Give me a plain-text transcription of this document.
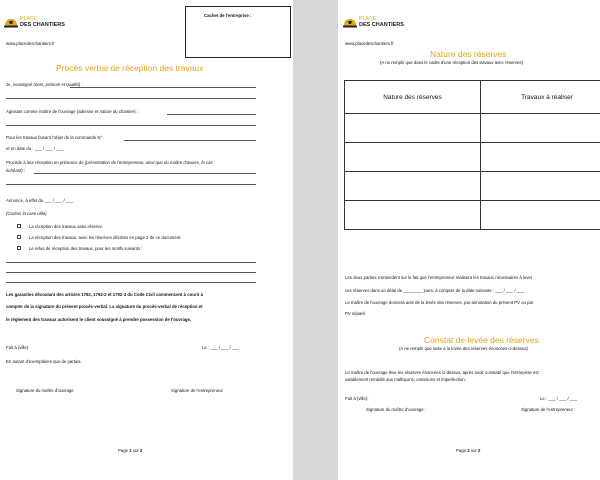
PLACE
DES CHANTIERS
www.placedeschantiers.fr
Cachet de l'entreprise :
Procès verbal de réception des travaux
Je, soussigné (nom, prénom et qualité) :
Agissant comme maître de l'ouvrage (adresse et nature du chantier) :
Pour les travaux faisant l'objet de la commande N°
et en date du : ___ / ___ / ___
Procède à leur réception en présence de (présentation de l'entrepreneur, ainsi que du maître d'œuvre, le cas
échéant) :
Annonce, à effet du ___ / ___ / ___
(Cocher la case utile)
La réception des travaux sans réserve.
La réception des travaux, avec les réserves décrites en page 2 de ce document.
Le refus de réception des travaux, pour les motifs suivants :
Les garanties découlant des articles 1792, 1792-2 et 1792-3 du Code Civil commencent à courir à
compter de la signature du présent procès-verbal. La signature du procès-verbal de réception et
le règlement des travaux autorisent le client soussigné à prendre possession de l'ouvrage.
Fait à (ville):	Le : ___ / ___ / ___
En autant d'exemplaires que de parties.
Signature du maître d'ouvrage	Signature de l'entrepreneur
Page 1 sur 2
PLACE
DES CHANTIERS
www.placedeschantiers.fr
Nature des réserves
(A ne remplir que dans le cadre d'une réception des travaux avec réserves)
Nature des réserves	Travaux à réaliser

Les deux parties s'entendent sur le fait que l'entrepreneur réalisera les travaux nécessaires à lever
ces réserves dans un délai de ________ jours, à compter de la date suivante : ___ / ___ / ___
Le maître de l'ouvrage donnera acte de la levée des réserves, par annotation du présent PV ou par
PV séparé.
Constat de levée des réserves
(A ne remplir que suite à la levée des réserves énoncées ci-dessus)
Le maître de l'ouvrage lève les réserves énoncées ci-dessus, après avoir constaté que l'entreprise est
valablement remédié aux malfaçons, omissions et imperfection.
Fait à (ville):	Le : ___ / ___ / ___
Signature du maître d'ouvrage :	Signature de l'entrepreneur :
Page 2 sur 2
